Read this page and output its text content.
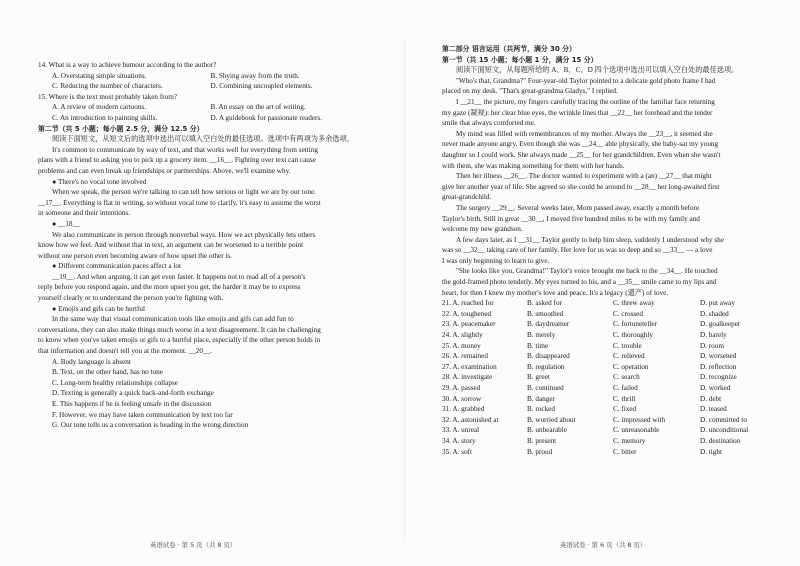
14. What is a way to achieve humour according to the author?
A. Overstating simple situations.	B. Shying away from the truth.
C. Reducing the number of characters.	D. Combining uncoupled elements.
15. Where is the text most probably taken from?
A. A review of modern cartoons.	B. An essay on the art of writing.
C. An introduction to painting skills.	D. A guidebook for passionate readers.
第二节（共 5 小题；每小题 2.5 分，满分 12.5 分）
阅读下面短文，从短文后的选项中选出可以填入空白处的最佳选项。选项中有两项为多余选项。
It's common to communicate by way of text, and that works well for everything from setting
plans with a friend to asking you to pick up a grocery item. __16__. Fighting over text can cause
problems and can even break up friendships or partnerships. Above, we'll examine why.
● There's no vocal tone involved
When we speak, the person we're talking to can tell how serious or light we are by our tone.
__17__. Everything is flat in writing, so without vocal tone to clarify, it's easy to assume the worst
in someone and their intentions.
● __18__
We also communicate in person through nonverbal ways. How we act physically lets others
know how we feel. And without that in text, an argument can be worsened to a terrible point
without one person even becoming aware of how upset the other is.
● Different communication paces affect a lot
__19__. And when arguing, it can get even faster. It happens not to read all of a person's
reply before you respond again, and the more upset you get, the harder it may be to express
yourself clearly or to understand the person you're fighting with.
● Emojis and gifs can be hurtful
In the same way that visual communication tools like emojis and gifs can add fun to
conversations, they can also make things much worse in a text disagreement. It can be challenging
to know when you've taken emojis or gifs to a hurtful place, especially if the other person holds in
that information and doesn't tell you at the moment. __20__.
A. Body language is absent
B. Text, on the other hand, has no tone
C. Long-term healthy relationships collapse
D. Texting is generally a quick back-and-forth exchange
E. This happens if he is feeling unsafe in the discussion
F. However, we may have taken communication by text too far
G. Our tone tells us a conversation is heading in the wrong direction
英语试卷 · 第 5 页（共 8 页）
第二部分 语言运用（共两节，满分 30 分）
第一节（共 15 小题；每小题 1 分，满分 15 分）
阅读下面短文，从每题所给的 A、B、C、D 四个选项中选出可以填入空白处的最佳选项。
"Who's that, Grandma?" Four-year-old Taylor pointed to a delicate gold photo frame I had
placed on my desk. "That's great-grandma Gladys," I replied.
I __21__ the picture, my fingers carefully tracing the outline of the familiar face returning
my gaze (凝视): her clear blue eyes, the wrinkle lines that __22__ her forehead and the tender
smile that always comforted me.
My mind was filled with remembrances of my mother. Always the __23__, it seemed she
never made anyone angry. Even though she was __24__ able physically, she baby-sat my young
daughter so I could work. She always made __25__ for her grandchildren. Even when she wasn't
with them, she was making something for them with her hands.
Then her illness __26__. The doctor wanted to experiment with a (an) __27__ that might
give her another year of life. She agreed so she could be around to __28__ her long-awaited first
great-grandchild.
The surgery __29__. Several weeks later, Mom passed away, exactly a month before
Taylor's birth. Still in great __30__, I moved five hundred miles to be with my family and
welcome my new grandson.
A few days later, as I __31__ Taylor gently to help him sleep, suddenly I understood why she
was so __32__ taking care of her family. Her love for us was so deep and so __33__ — a love
I was only beginning to learn to give.
"She looks like you, Grandma!" Taylor's voice brought me back to the __34__. He touched
the gold-framed photo tenderly. My eyes turned to his, and a __35__ smile came to my lips and
heart, for then I knew my mother's love and peace. It's a legacy (遗产) of love.
21. A. reached for	B. asked for	C. threw away	D. put away
22. A. toughened	B. smoothed	C. crossed	D. shaded
23. A. peacemaker	B. daydreamer	C. fortuneteller	D. goalkeeper
24. A. slightly	B. merely	C. thoroughly	D. barely
25. A. money	B. time	C. trouble	D. room
26. A. remained	B. disappeared	C. relieved	D. worsened
27. A. examination	B. regulation	C. operation	D. reflection
28. A. investigate	B. greet	C. search	D. recognize
29. A. passed	B. continued	C. failed	D. worked
30. A. sorrow	B. danger	C. thrill	D. debt
31. A. grabbed	B. rocked	C. fixed	D. teased
32. A. astonished at	B. worried about	C. impressed with	D. committed to
33. A. unreal	B. unbearable	C. unreasonable	D. unconditional
34. A. story	B. present	C. memory	D. destination
35. A. soft	B. proud	C. bitter	D. tight
英语试卷 · 第 6 页（共 8 页）
